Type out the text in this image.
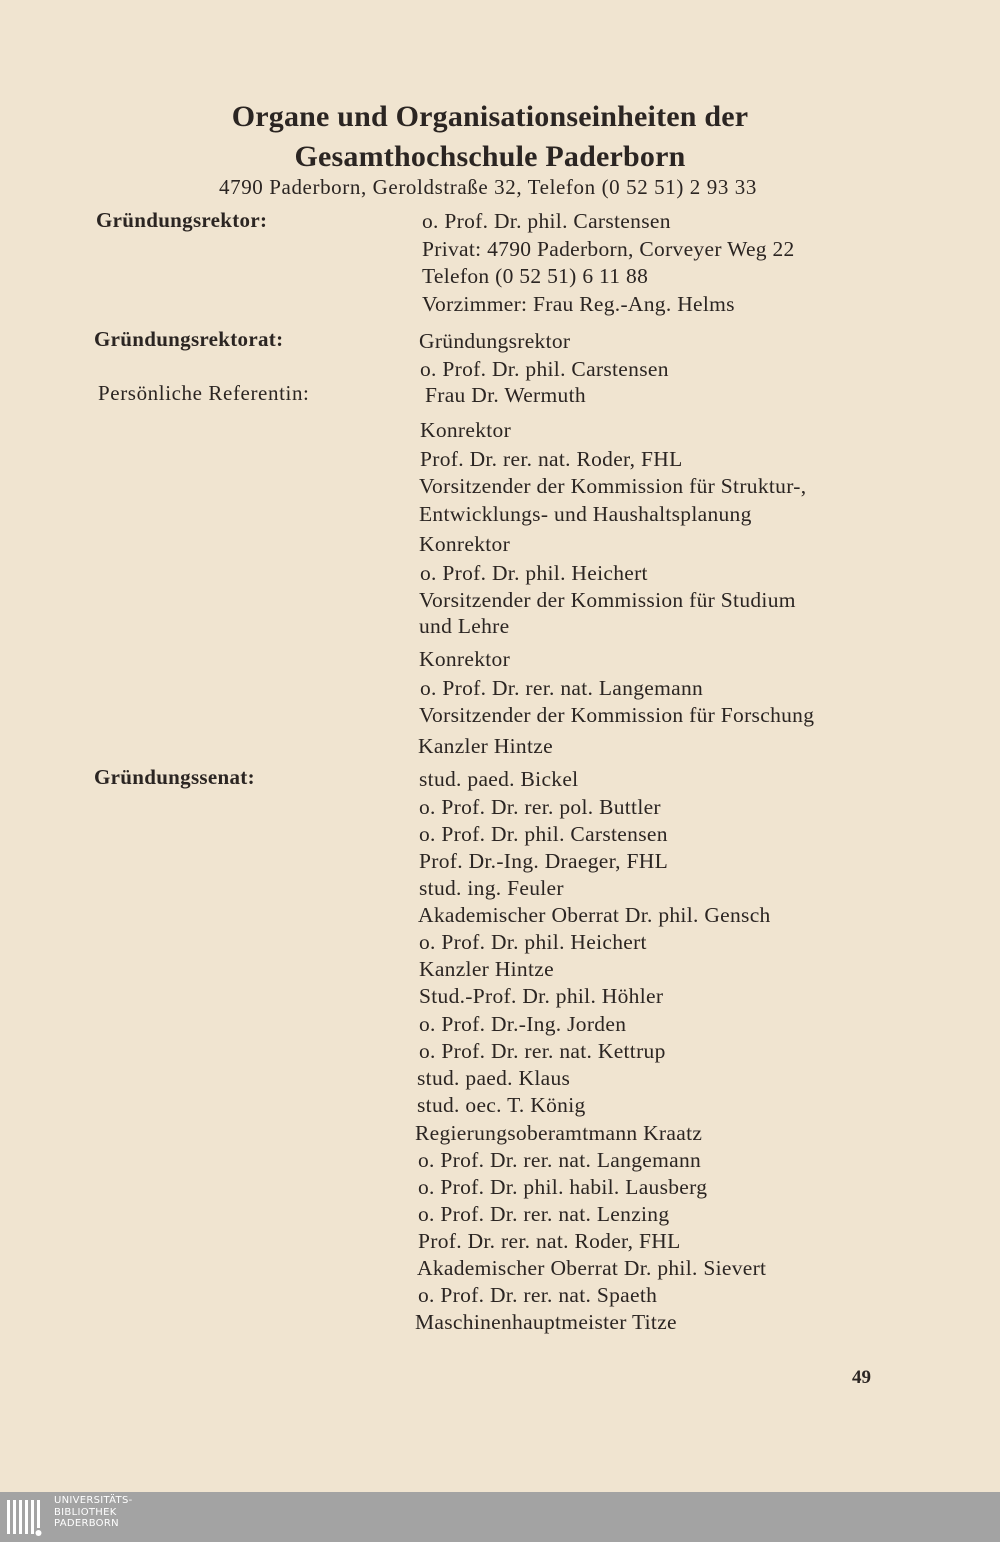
Organe und Organisationseinheiten der
Gesamthochschule Paderborn
4790 Paderborn, Geroldstraße 32, Telefon (0 52 51) 2 93 33
Gründungsrektor:
Gründungsrektorat:
Persönliche Referentin:
Gründungssenat:
o. Prof. Dr. phil. Carstensen
Privat: 4790 Paderborn, Corveyer Weg 22
Telefon (0 52 51) 6 11 88
Vorzimmer: Frau Reg.-Ang. Helms
Gründungsrektor
o. Prof. Dr. phil. Carstensen
Frau Dr. Wermuth
Konrektor
Prof. Dr. rer. nat. Roder, FHL
Vorsitzender der Kommission für Struktur-,
Entwicklungs- und Haushaltsplanung
Konrektor
o. Prof. Dr. phil. Heichert
Vorsitzender der Kommission für Studium
und Lehre
Konrektor
o. Prof. Dr. rer. nat. Langemann
Vorsitzender der Kommission für Forschung
Kanzler Hintze
stud. paed. Bickel
o. Prof. Dr. rer. pol. Buttler
o. Prof. Dr. phil. Carstensen
Prof. Dr.-Ing. Draeger, FHL
stud. ing. Feuler
Akademischer Oberrat Dr. phil. Gensch
o. Prof. Dr. phil. Heichert
Kanzler Hintze
Stud.-Prof. Dr. phil. Höhler
o. Prof. Dr.-Ing. Jorden
o. Prof. Dr. rer. nat. Kettrup
stud. paed. Klaus
stud. oec. T. König
Regierungsoberamtmann Kraatz
o. Prof. Dr. rer. nat. Langemann
o. Prof. Dr. phil. habil. Lausberg
o. Prof. Dr. rer. nat. Lenzing
Prof. Dr. rer. nat. Roder, FHL
Akademischer Oberrat Dr. phil. Sievert
o. Prof. Dr. rer. nat. Spaeth
Maschinenhauptmeister Titze
49
UNIVERSITÄTS-
BIBLIOTHEK
PADERBORN
